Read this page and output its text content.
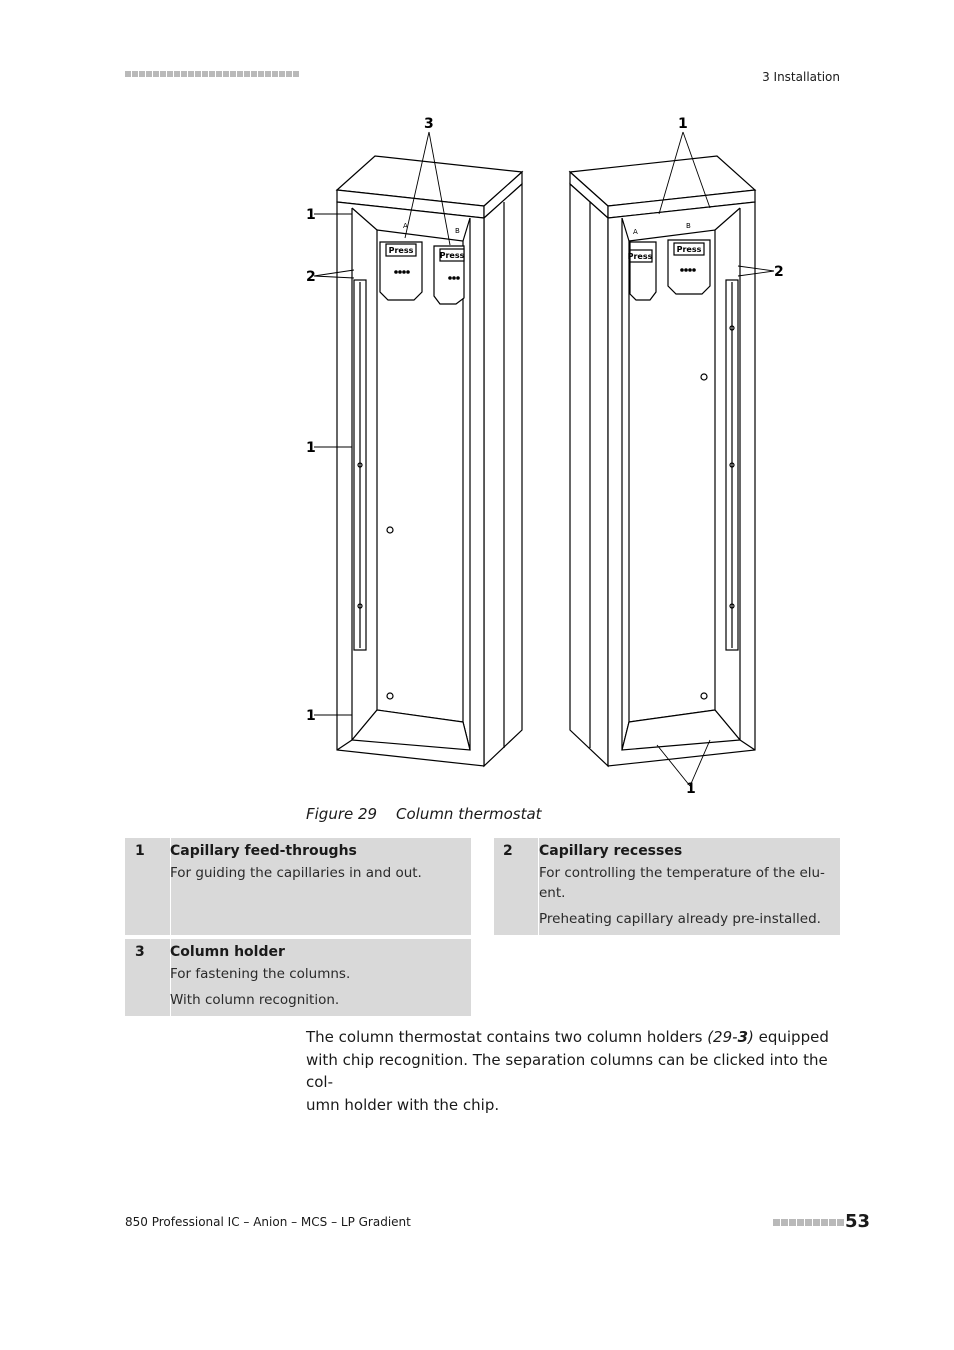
3 Installation
Press
Press
A
B
Press
Press
A
B
3
1
2
1
1
1
2
1
Figure 29 Column thermostat
1 Capillary feed-throughs
For guiding the capillaries in and out.
2 Capillary recesses
For controlling the temperature of the elu-
ent.
Preheating capillary already pre-installed.
3 Column holder
For fastening the columns.
With column recognition.
The column thermostat contains two column holders (29-3) equipped
with chip recognition. The separation columns can be clicked into the col-
umn holder with the chip.
850 Professional IC – Anion – MCS – LP Gradient	53
